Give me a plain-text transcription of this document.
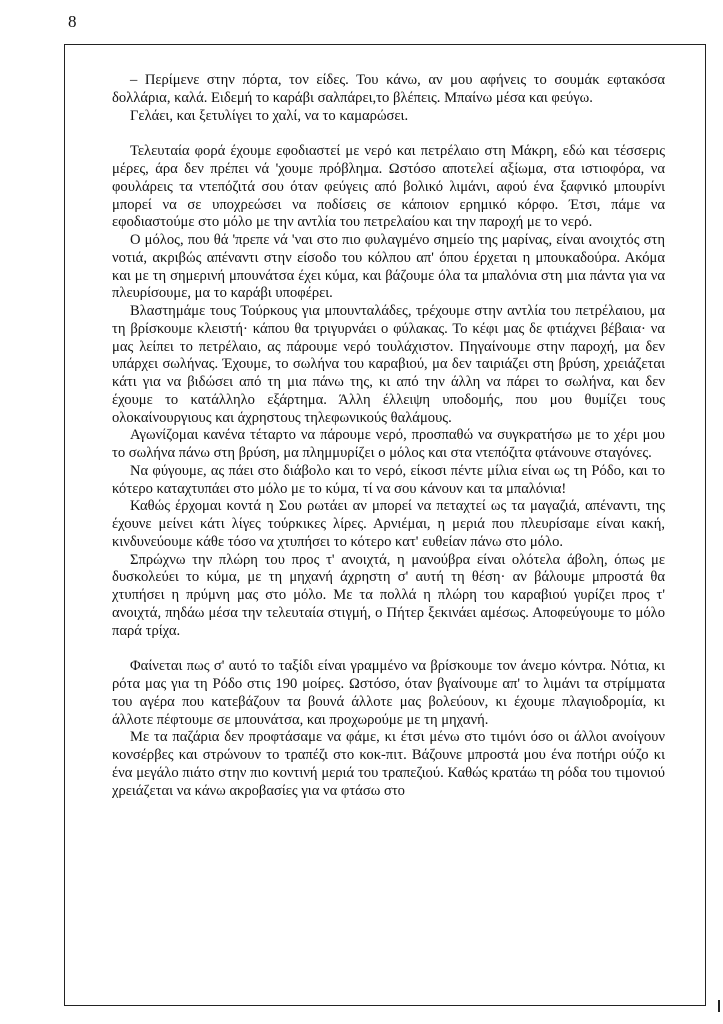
8

– Περίμενε στην πόρτα, τον είδες. Του κάνω, αν μου αφήνεις το σουμάκ εφτακόσα δολλάρια, καλά. Ειδεμή το καράβι σαλπάρει,το βλέπεις. Μπαίνω μέσα και φεύγω.

Γελάει, και ξετυλίγει το χαλί, να το καμαρώσει.

Τελευταία φορά έχουμε εφοδιαστεί με νερό και πετρέλαιο στη Μάκρη, εδώ και τέσσερις μέρες, άρα δεν πρέπει νά 'χουμε πρόβλημα. Ωστόσο αποτελεί αξίωμα, στα ιστιοφόρα, να φουλάρεις τα ντεπόζιτά σου όταν φεύγεις από βολικό λιμάνι, αφού ένα ξαφνικό μπουρίνι μπορεί να σε υποχρεώσει να ποδίσεις σε κάποιον ερημικό κόρφο. Έτσι, πάμε να εφοδιαστούμε στο μόλο με την αντλία του πετρελαίου και την παροχή με το νερό.

Ο μόλος, που θά 'πρεπε νά 'ναι στο πιο φυλαγμένο σημείο της μαρίνας, είναι ανοιχτός στη νοτιά, ακριβώς απέναντι στην είσοδο του κόλπου απ' όπου έρχεται η μπουκαδούρα. Ακόμα και με τη σημερινή μπουνάτσα έχει κύμα, και βάζουμε όλα τα μπαλόνια στη μια πάντα για να πλευρίσουμε, μα το καράβι υποφέρει.

Βλαστημάμε τους Τούρκους για μπουνταλάδες, τρέχουμε στην αντλία του πετρέλαιου, μα τη βρίσκουμε κλειστή· κάπου θα τριγυρνάει ο φύλακας. Το κέφι μας δε φτιάχνει βέβαια· να μας λείπει το πετρέλαιο, ας πάρουμε νερό τουλάχιστον. Πηγαίνουμε στην παροχή, μα δεν υπάρχει σωλήνας. Έχουμε, το σωλήνα του καραβιού, μα δεν ταιριάζει στη βρύση, χρειάζεται κάτι για να βιδώσει από τη μια πάνω της, κι από την άλλη να πάρει το σωλήνα, και δεν έχουμε το κατάλληλο εξάρτημα. Άλλη έλλειψη υποδομής, που μου θυμίζει τους ολοκαίνουργιους και άχρηστους τηλεφωνικούς θαλάμους.

Αγωνίζομαι κανένα τέταρτο να πάρουμε νερό, προσπαθώ να συγκρατήσω με το χέρι μου το σωλήνα πάνω στη βρύση, μα πλημμυρίζει ο μόλος και στα ντεπόζιτα φτάνουνε σταγόνες.

Να φύγουμε, ας πάει στο διάβολο και το νερό, είκοσι πέντε μίλια είναι ως τη Ρόδο, και το κότερο καταχτυπάει στο μόλο με το κύμα, τί να σου κάνουν και τα μπαλόνια!

Καθώς έρχομαι κοντά η Σου ρωτάει αν μπορεί να πεταχτεί ως τα μαγαζιά, απέναντι, της έχουνε μείνει κάτι λίγες τούρκικες λίρες. Αρνιέμαι, η μεριά που πλευρίσαμε είναι κακή, κινδυνεύουμε κάθε τόσο να χτυπήσει το κότερο κατ' ευθείαν πάνω στο μόλο.

Σπρώχνω την πλώρη του προς τ' ανοιχτά, η μανούβρα είναι ολότελα άβολη, όπως με δυσκολεύει το κύμα, με τη μηχανή άχρηστη σ' αυτή τη θέση· αν βάλουμε μπροστά θα χτυπήσει η πρύμνη μας στο μόλο. Με τα πολλά η πλώρη του καραβιού γυρίζει προς τ' ανοιχτά, πηδάω μέσα την τελευταία στιγμή, ο Πήτερ ξεκινάει αμέσως. Αποφεύγουμε το μόλο παρά τρίχα.

Φαίνεται πως σ' αυτό το ταξίδι είναι γραμμένο να βρίσκουμε τον άνεμο κόντρα. Νότια, κι ρότα μας για τη Ρόδο στις 190 μοίρες. Ωστόσο, όταν βγαίνουμε απ' το λιμάνι τα στρίμματα του αγέρα που κατεβάζουν τα βουνά άλλοτε μας βολεύουν, κι έχουμε πλαγιοδρομία, κι άλλοτε πέφτουμε σε μπουνάτσα, και προχωρούμε με τη μηχανή.

Με τα παζάρια δεν προφτάσαμε να φάμε, κι έτσι μένω στο τιμόνι όσο οι άλλοι ανοίγουν κονσέρβες και στρώνουν το τραπέζι στο κοκ-πιτ. Βάζουνε μπροστά μου ένα ποτήρι ούζο κι ένα μεγάλο πιάτο στην πιο κοντινή μεριά του τραπεζιού. Καθώς κρατάω τη ρόδα του τιμονιού χρειάζεται να κάνω ακροβασίες για να φτάσω στο
